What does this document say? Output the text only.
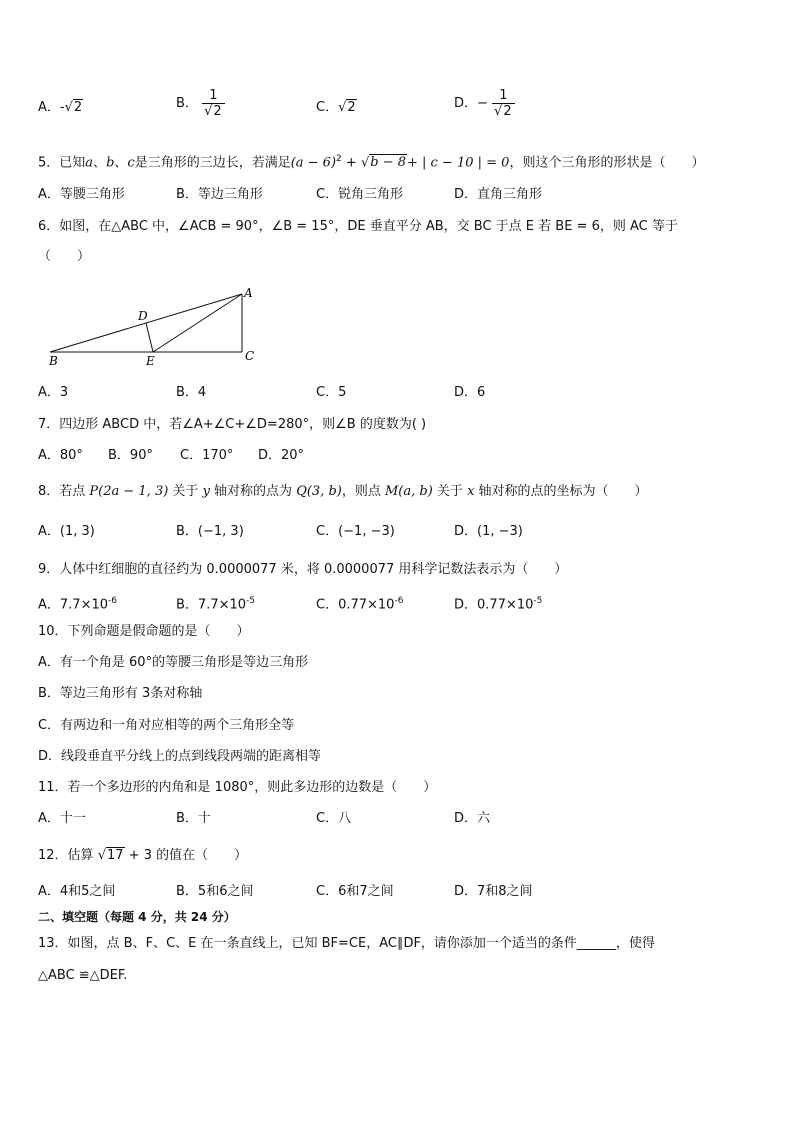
A．-√2	B． $\frac{1}{√2}$	C．√2	D．− $\frac{1}{√2}$
5．已知a、b、c是三角形的三边长，若满足$(a - 6)^2 + √b - 8+$ | c − 10 | = 0，则这个三角形的形状是（　　）
A．等腰三角形	B．等边三角形	C．锐角三角形	D．直角三角形
6．如图，在△ABC 中，∠ACB = 90°，∠B = 15°，DE 垂直平分 AB，交 BC 于点 E 若 BE = 6，则 AC 等于
（　　）
A
B	C
D
E
A．3	B．4	C．5	D．6
7．四边形 ABCD 中，若∠A+∠C+∠D=280°，则∠B 的度数为( )
A．80° B．90° C．170° D．20°
8．若点 P(2a − 1, 3) 关于 y 轴对称的点为 Q(3, b)，则点 M(a, b) 关于 x 轴对称的点的坐标为（　　）
A．(1, 3)	B．(−1, 3)	C．(−1, −3)	D．(1, −3)
9．人体中红细胞的直径约为 0.0000077 米，将 0.0000077 用科学记数法表示为（　　）
A．$7.7\times 10^{-6}$	B．$7.7\times 10^{-5}$	C．$0.77\times 10^{-6}$	D．$0.77\times 10^{-5}$
10．下列命题是假命题的是（　　）
A．有一个角是 60°的等腰三角形是等边三角形
B．等边三角形有 3条对称轴
C．有两边和一角对应相等的两个三角形全等
D．线段垂直平分线上的点到线段两端的距离相等
11．若一个多边形的内角和是 1080°，则此多边形的边数是（　　）
A．十一	B．十	C．八	D．六
12．估算 √17 + 3 的值在（　　）
A．4和5之间	B．5和6之间	C．6和7之间	D．7和8之间
二、填空题（每题 4 分，共 24 分）
13．如图，点 B、F、C、E 在一条直线上，已知 BF=CE，AC∥DF，请你添加一个适当的条件______，使得
△ABC ≌△DEF.
